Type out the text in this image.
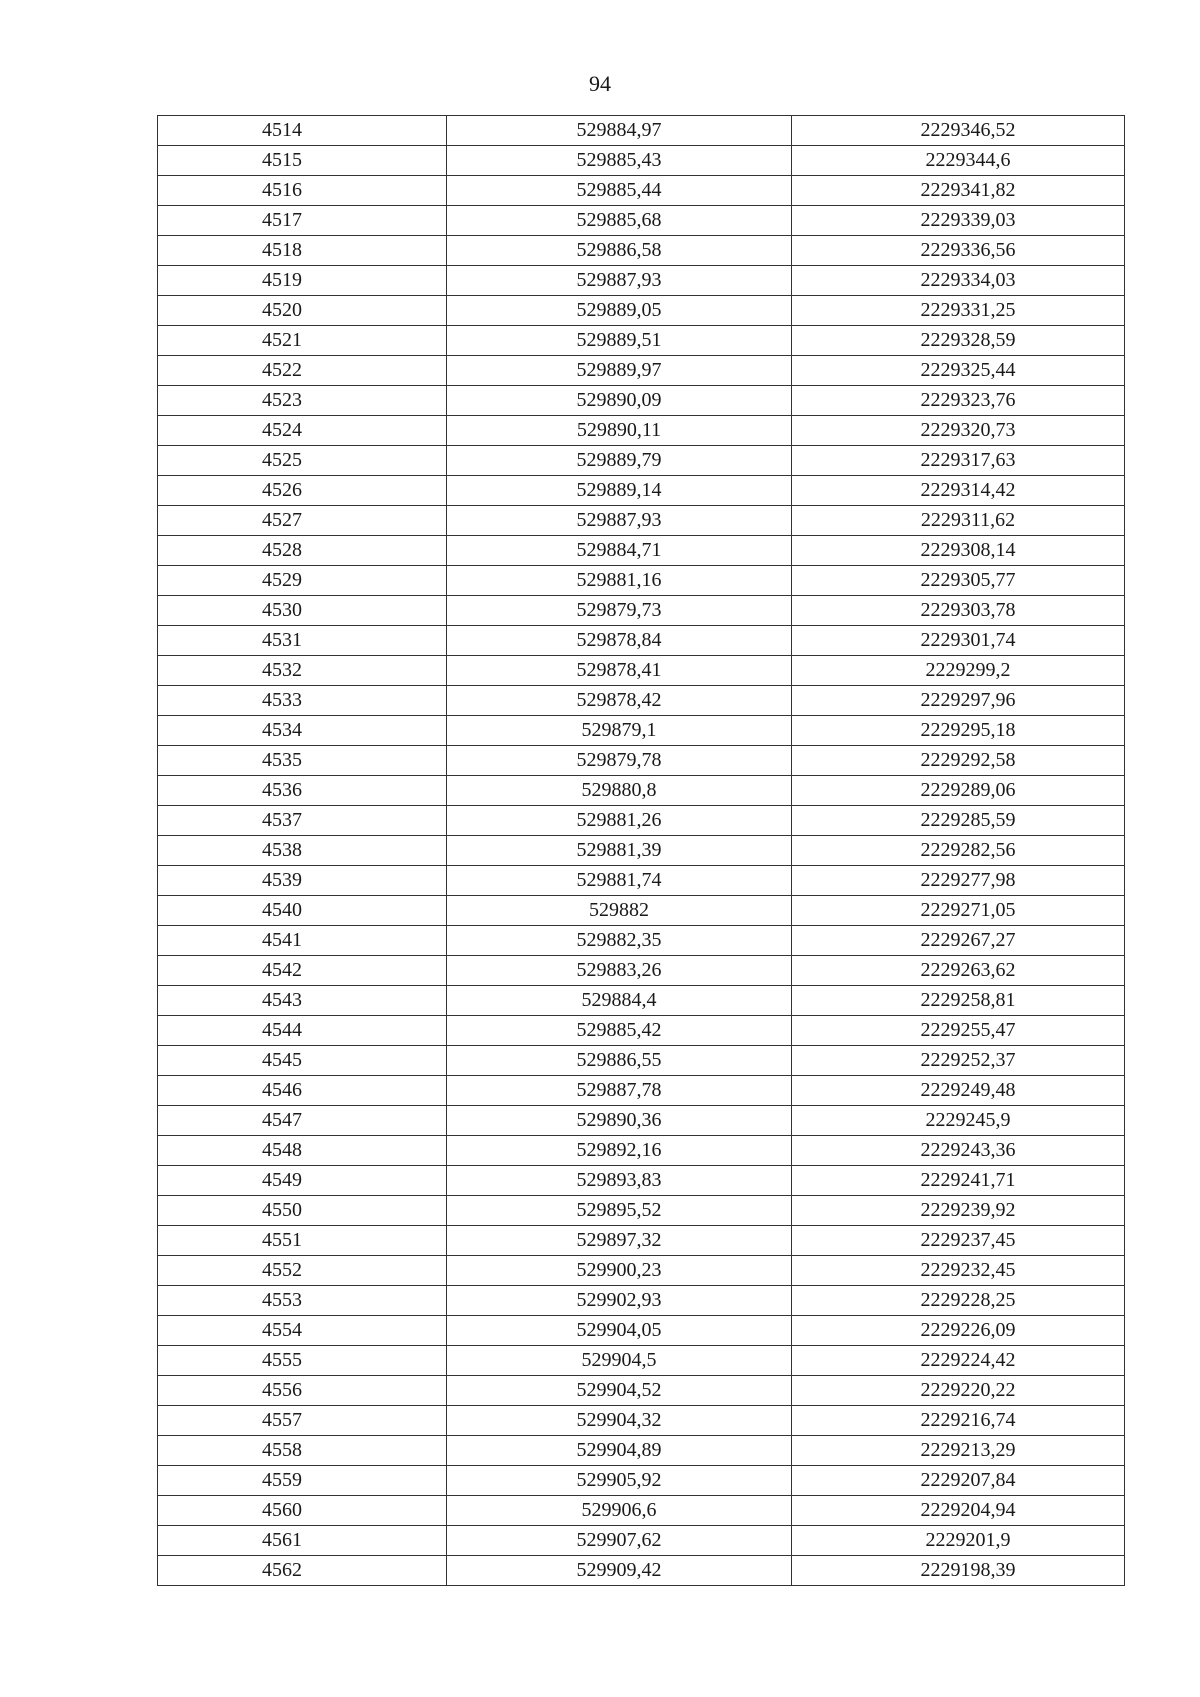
94
4514	529884,97	2229346,52
4515	529885,43	2229344,6
4516	529885,44	2229341,82
4517	529885,68	2229339,03
4518	529886,58	2229336,56
4519	529887,93	2229334,03
4520	529889,05	2229331,25
4521	529889,51	2229328,59
4522	529889,97	2229325,44
4523	529890,09	2229323,76
4524	529890,11	2229320,73
4525	529889,79	2229317,63
4526	529889,14	2229314,42
4527	529887,93	2229311,62
4528	529884,71	2229308,14
4529	529881,16	2229305,77
4530	529879,73	2229303,78
4531	529878,84	2229301,74
4532	529878,41	2229299,2
4533	529878,42	2229297,96
4534	529879,1	2229295,18
4535	529879,78	2229292,58
4536	529880,8	2229289,06
4537	529881,26	2229285,59
4538	529881,39	2229282,56
4539	529881,74	2229277,98
4540	529882	2229271,05
4541	529882,35	2229267,27
4542	529883,26	2229263,62
4543	529884,4	2229258,81
4544	529885,42	2229255,47
4545	529886,55	2229252,37
4546	529887,78	2229249,48
4547	529890,36	2229245,9
4548	529892,16	2229243,36
4549	529893,83	2229241,71
4550	529895,52	2229239,92
4551	529897,32	2229237,45
4552	529900,23	2229232,45
4553	529902,93	2229228,25
4554	529904,05	2229226,09
4555	529904,5	2229224,42
4556	529904,52	2229220,22
4557	529904,32	2229216,74
4558	529904,89	2229213,29
4559	529905,92	2229207,84
4560	529906,6	2229204,94
4561	529907,62	2229201,9
4562	529909,42	2229198,39
